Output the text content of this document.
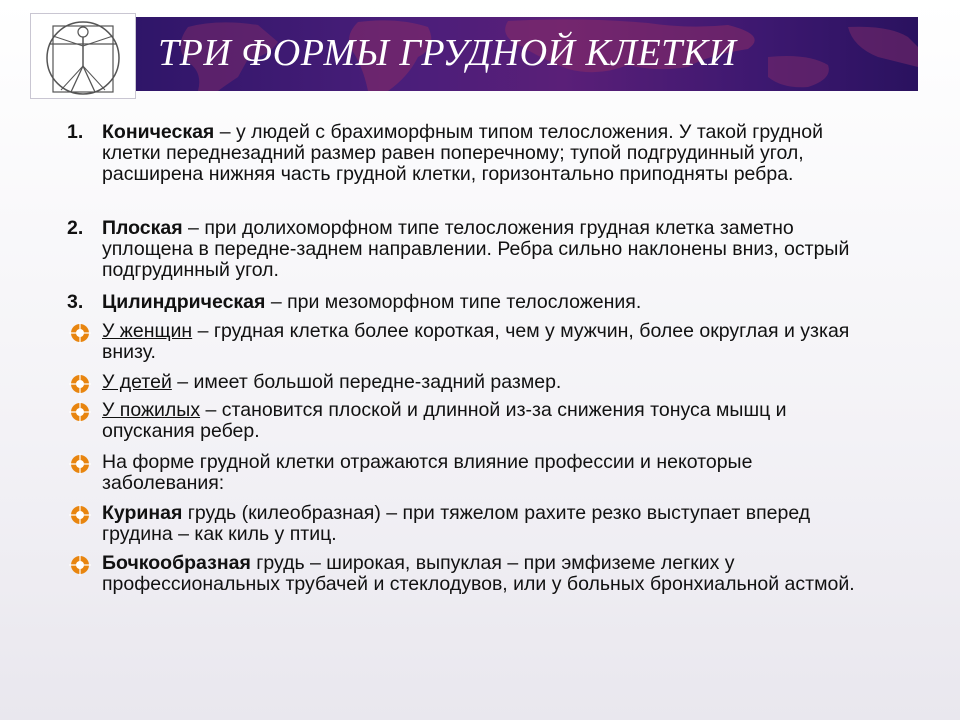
ТРИ ФОРМЫ ГРУДНОЙ КЛЕТКИ
1. Коническая – у людей с брахиморфным типом телосложения. У такой грудной клетки переднезадний размер равен поперечному; тупой подгрудинный угол, расширена нижняя часть грудной клетки, горизонтально приподняты ребра.
2. Плоская – при долихоморфном типе телосложения грудная клетка заметно уплощена в передне-заднем направлении. Ребра сильно наклонены вниз, острый подгрудинный угол.
3. Цилиндрическая – при мезоморфном типе телосложения.
У женщин – грудная клетка более короткая, чем у мужчин, более округлая и узкая внизу.
У детей – имеет большой передне-задний размер.
У пожилых – становится плоской и длинной из-за снижения тонуса мышц и опускания ребер.
На форме грудной клетки отражаются влияние профессии и некоторые заболевания:
Куриная грудь (килеобразная) – при тяжелом рахите резко выступает вперед грудина – как киль у птиц.
Бочкообразная грудь – широкая, выпуклая – при эмфиземе легких у профессиональных трубачей и стеклодувов, или у больных бронхиальной астмой.
